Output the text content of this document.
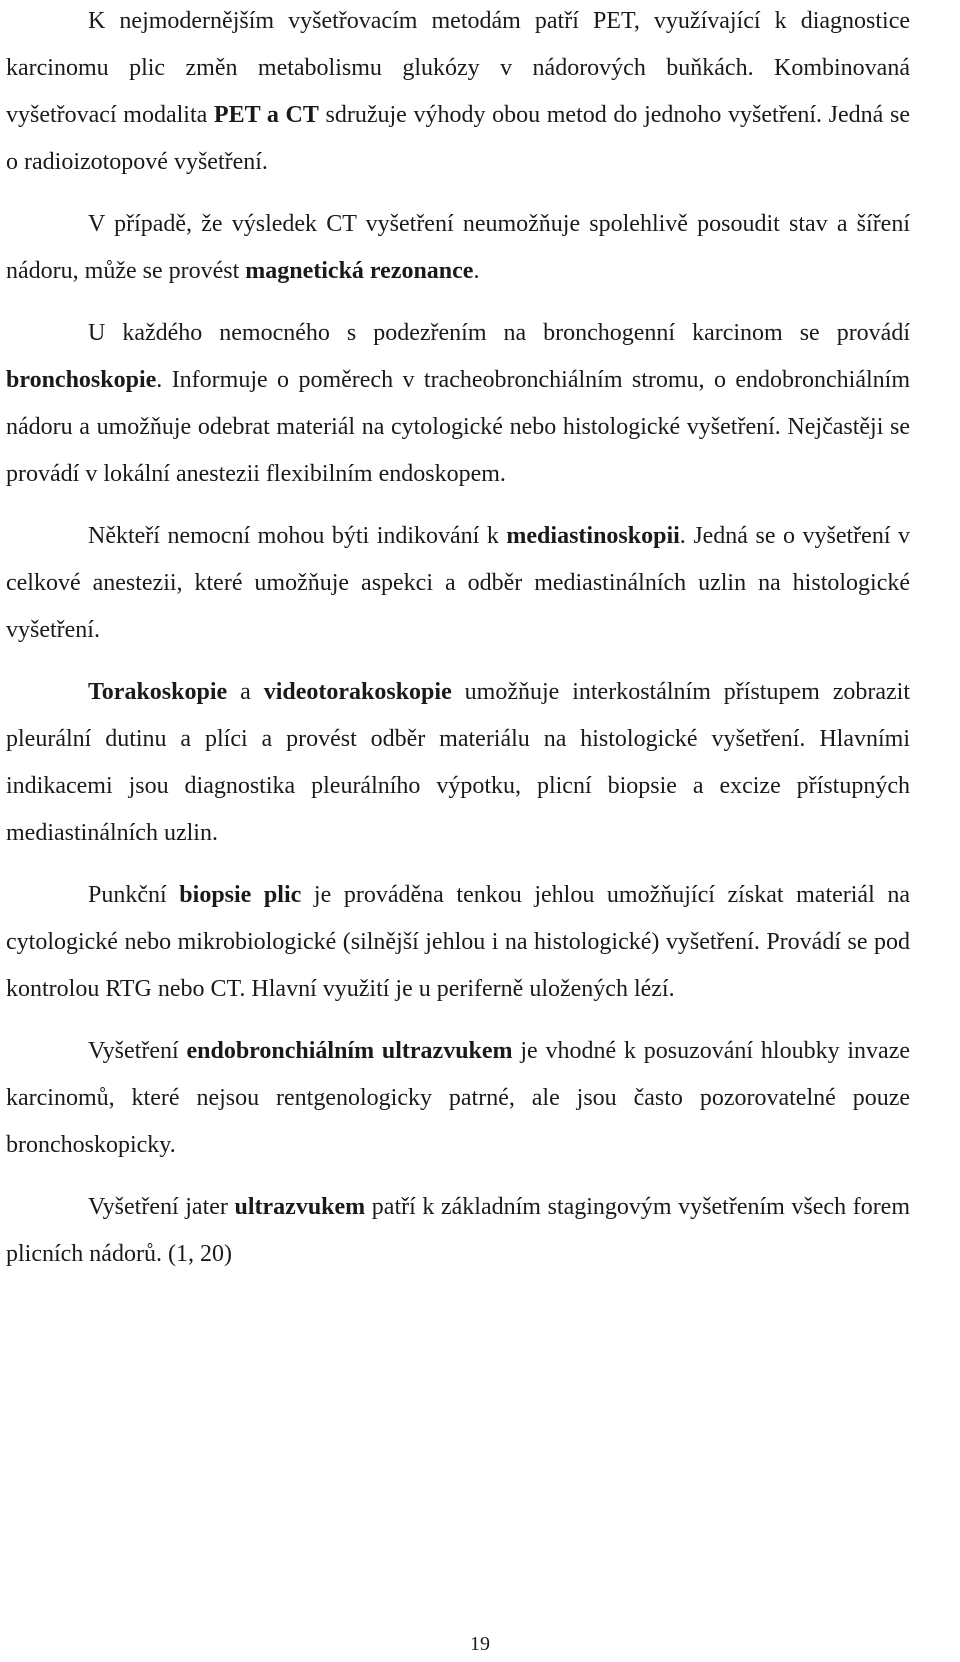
K nejmodernějším vyšetřovacím metodám patří PET, využívající k diagnostice karcinomu plic změn metabolismu glukózy v nádorových buňkách. Kombinovaná vyšetřovací modalita PET a CT sdružuje výhody obou metod do jednoho vyšetření. Jedná se o radioizotopové vyšetření.

V případě, že výsledek CT vyšetření neumožňuje spolehlivě posoudit stav a šíření nádoru, může se provést magnetická rezonance.

U každého nemocného s podezřením na bronchogenní karcinom se provádí bronchoskopie. Informuje o poměrech v tracheobronchiálním stromu, o endobronchiálním nádoru a umožňuje odebrat materiál na cytologické nebo histologické vyšetření. Nejčastěji se provádí v lokální anestezii flexibilním endoskopem.

Někteří nemocní mohou býti indikování k mediastinoskopii. Jedná se o vyšetření v celkové anestezii, které umožňuje aspekci a odběr mediastinálních uzlin na histologické vyšetření.

Torakoskopie a videotorakoskopie umožňuje interkostálním přístupem zobrazit pleurální dutinu a plíci a provést odběr materiálu na histologické vyšetření. Hlavními indikacemi jsou diagnostika pleurálního výpotku, plicní biopsie a excize přístupných mediastinálních uzlin.

Punkční biopsie plic je prováděna tenkou jehlou umožňující získat materiál na cytologické nebo mikrobiologické (silnější jehlou i na histologické) vyšetření. Provádí se pod kontrolou RTG nebo CT. Hlavní využití je u periferně uložených lézí.

Vyšetření endobronchiálním ultrazvukem je vhodné k posuzování hloubky invaze karcinomů, které nejsou rentgenologicky patrné, ale jsou často pozorovatelné pouze bronchoskopicky.

Vyšetření jater ultrazvukem patří k základním stagingovým vyšetřením všech forem plicních nádorů. (1, 20)

19
